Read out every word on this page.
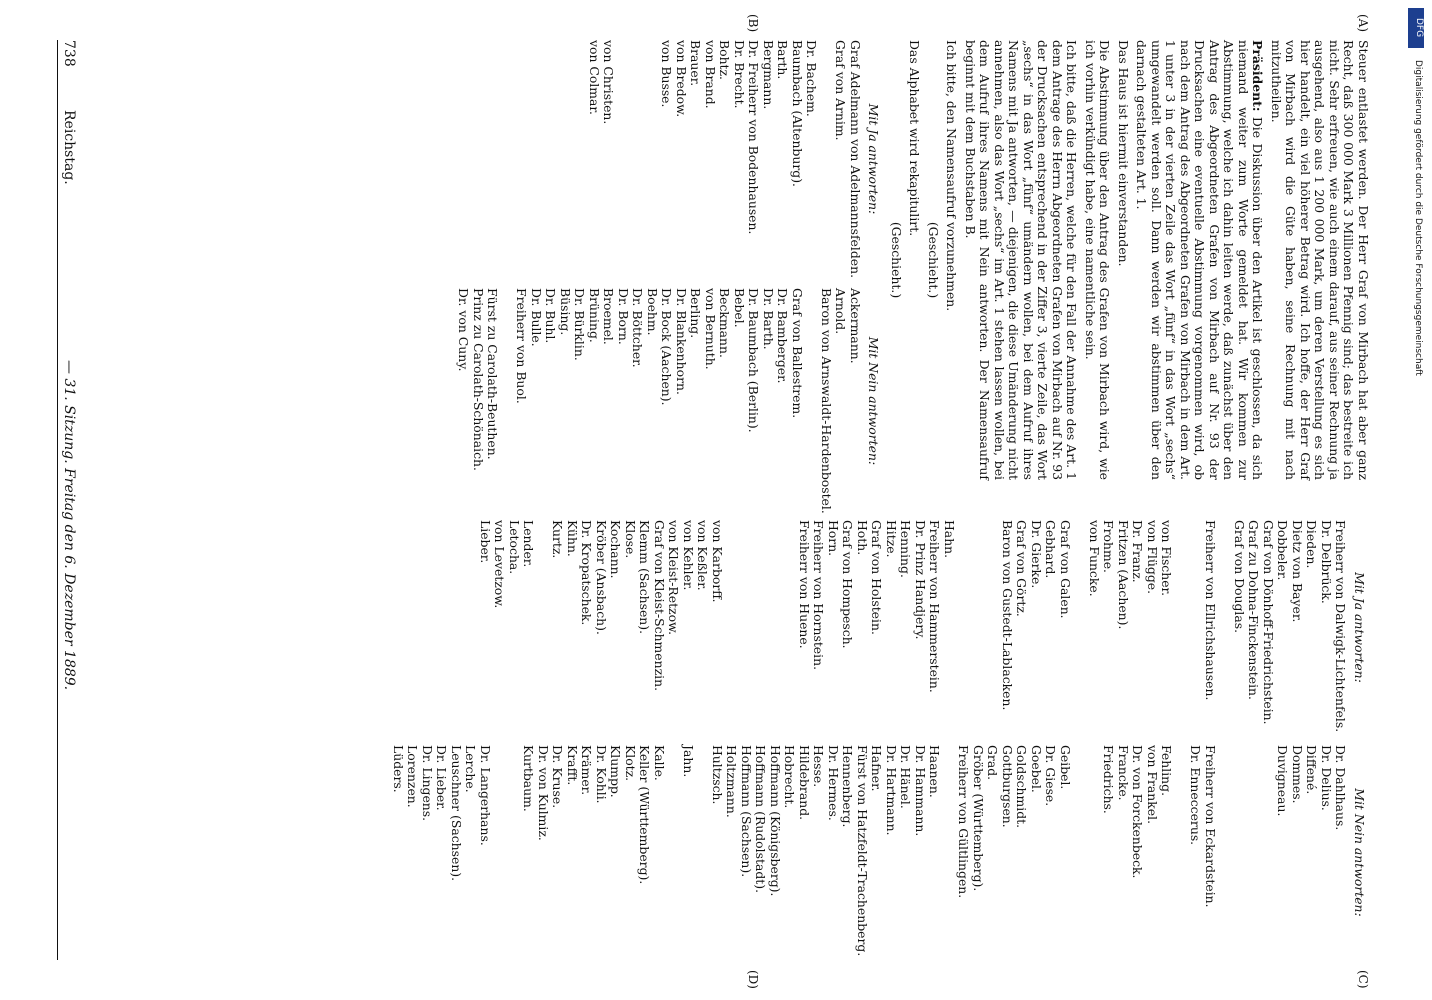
738
Reichstag.
— 31. Sitzung. Freitag den 6. Dezember 1889.
(A)
(B)

Steuer entlastet werden. Der Herr Graf von Mirbach hat aber ganz Recht, daß 300 000 Mark 3 Millionen Pfennig sind; das bestreite ich nicht. Sehr erfreuen, wie auch einem darauf, aus seiner Rechnung ja ausgehend, also aus 1 200 000 Mark, um deren Verstellung es sich hier handelt, ein viel höherer Betrag wird. Ich hoffe, der Herr Graf von Mirbach wird die Güte haben, seine Rechnung mit nach mitzutheilen.

Präsident: Die Diskussion über den Artikel ist geschlossen, da sich niemand weiter zum Worte gemeldet hat. Wir kommen zur Abstimmung, welche ich dahin leiten werde, daß zunächst über den Antrag des Abgeordneten Grafen von Mirbach auf Nr. 93 der Drucksachen eine eventuelle Abstimmung vorgenommen wird, ob nach dem Antrag des Abgeordneten Grafen von Mirbach in dem Art. 1 unter 3 in der vierten Zeile das Wort „fünf“ in das Wort „sechs“ umgewandelt werden soll. Dann werden wir abstimmen über den darnach gestalteten Art. 1.

Das Haus ist hiermit einverstanden.

Die Abstimmung über den Antrag des Grafen von Mirbach wird, wie ich vorhin verkündigt habe, eine namentliche sein.

Ich bitte, daß die Herren, welche für den Fall der Annahme des Art. 1 dem Antrage des Herrn Abgeordneten Grafen von Mirbach auf Nr. 93 der Drucksachen entsprechend in der Ziffer 3, vierte Zeile, das Wort „sechs“ in das Wort „fünf“ umändern wollen, bei dem Aufruf ihres Namens mit Ja antworten, — diejenigen, die diese Umänderung nicht annehmen, also das Wort „sechs“ im Art. 1 stehen lassen wollen, bei dem Aufruf ihres Namens mit Nein antworten. Der Namensaufruf beginnt mit dem Buchstaben B.

Ich bitte, den Namensaufruf vorzunehmen.

(Geschieht.)

Das Alphabet wird rekapitulirt.

(Geschieht.)
Mit Ja antworten:
Graf Adelmann von Adelmannsfelden.
Graf von Arnim.

Dr. Bachem.
Baumbach (Altenburg).
Barth.
Bergmann.
Dr. Freiherr von Bodenhausen.
Dr. Brecht.
Bohtz.
von Brand.
Brauer.
von Bredow.
von Busse.

von Christen.
von Colmar.
Mit Nein antworten:
Ackermann.
Arnold.
Baron von Arnswaldt-Hardenbostel.

Graf von Ballestrem.
Dr. Bamberger.
Dr. Barth.
Dr. Baumbach (Berlin).
Bebel.
Beckmann.
von Bernuth.
Berling.
Dr. Blankenhorn.
Dr. Bock (Aachen).
Boehm.
Dr. Böttcher.
Dr. Born.
Broemel.
Brüning.
Dr. Bürklin.
Büsing.
Dr. Buhl.
Dr. Bulle.
Freiherr von Buol.

Fürst zu Carolath-Beuthen.
Prinz zu Carolath-Schönaich.
Dr. von Cuny.
(C)
(D)
Mit Ja antworten:
Freiherr von Dalwigk-Lichtenfels.
Dr. Delbrück.
Dieden.
Dietz von Bayer.
Dobbeler.
Graf von Dönhoff-Friedrichstein.
Graf zu Dohna-Finckenstein.
Graf von Douglas.

Freiherr von Ellrichshausen.

von Fischer.
von Flügge.
Dr. Franz.
Fritzen (Aachen).
Frohme.
von Funcke.

Graf von Galen.
Gebhard.
Dr. Gierke.
Graf von Görtz.
Baron von Gustedt-Lablacken.

Hahn.
Freiherr von Hammerstein.
Dr. Prinz Handjery.
Henning.
Hitze.
Graf von Holstein.
Hoth.
Graf von Hompesch.
Horn.
Freiherr von Hornstein.
Freiherr von Huene.

von Karborff.
von Keßler.
von Kehler.
von Kleist-Retzow.
Graf von Kleist-Schmenzin.
Klemm (Sachsen).
Klose.
Kochann.
Kröber (Ansbach).
Dr. Kropatschek.
Kühn.
Kurtz.

Lender.
Letocha.
von Levetzow.
Lieber.
Mit Nein antworten:
Dr. Dahlhaus.
Dr. Delius.
Diffené.
Dommes.
Duvigneau.

Freiherr von Eckardstein.
Dr. Enneccerus.

Fehling.
von Frankel.
Dr. von Forckenbeck.
Francke.
Friedrichs.

Geibel.
Dr. Giese.
Goebel.
Goldschmidt.
Gottburgsen.
Grad.
Gröber (Württemberg).
Freiherr von Gültlingen.

Haanen.
Dr. Hammann.
Dr. Hänel.
Dr. Hartmann.
Hafner.
Fürst von Hatzfeldt-Trachenberg.
Hennenberg.
Dr. Hermes.
Hesse.
Hildebrand.
Hobrecht.
Hoffmann (Königsberg).
Hoffmann (Rudolstadt).
Hoffmann (Sachsen).
Holtzmann.
Hultzsch.

Jahn.

Kalle.
Keller (Württemberg).
Klotz.
Klumpp.
Dr. Kohli.
Krämer.
Krafft.
Dr. Kruse.
Dr. von Kulmiz.
Kurtbaum.

Dr. Langerhans.
Lerche.
Leuschner (Sachsen).
Dr. Lieber.
Dr. Lingens.
Lorenzen.
Lüders.
DFG
Digitalisierung gefördert durch die Deutsche Forschungsgemeinschaft
